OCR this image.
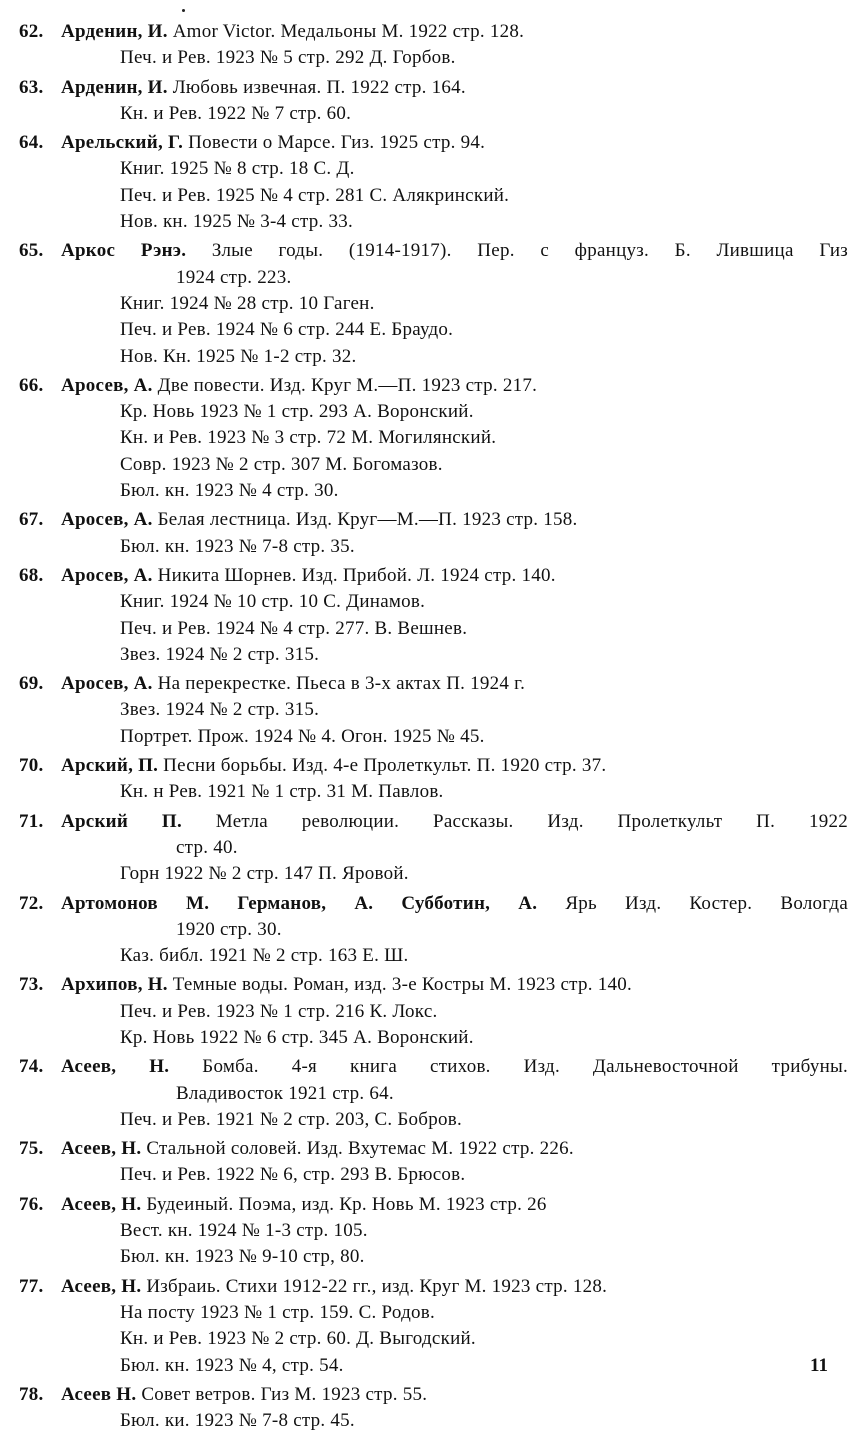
62. Арденин, И. Amor Victor. Медальоны М. 1922 стр. 128.
Печ. и Рев. 1923 № 5 стр. 292 Д. Горбов.
63. Арденин, И. Любовь извечная. П. 1922 стр. 164.
Кн. и Рев. 1922 № 7 стр. 60.
64. Арельский, Г. Повести о Марсе. Гиз. 1925 стр. 94.
Книг. 1925 № 8 стр. 18 С. Д.
Печ. и Рев. 1925 № 4 стр. 281 С. Алякринский.
Нов. кн. 1925 № 3-4 стр. 33.
65. Аркос Рэнэ. Злые годы. (1914-1917). Пер. с француз. Б. Лившица Гиз
1924 стр. 223.
Книг. 1924 № 28 стр. 10 Гаген.
Печ. и Рев. 1924 № 6 стр. 244 Е. Браудо.
Нов. Кн. 1925 № 1-2 стр. 32.
66. Аросев, А. Две повести. Изд. Круг М.—П. 1923 стр. 217.
Кр. Новь 1923 № 1 стр. 293 А. Воронский.
Кн. и Рев. 1923 № 3 стр. 72 М. Могилянский.
Совр. 1923 № 2 стр. 307 М. Богомазов.
Бюл. кн. 1923 № 4 стр. 30.
67. Аросев, А. Белая лестница. Изд. Круг—М.—П. 1923 стр. 158.
Бюл. кн. 1923 № 7-8 стр. 35.
68. Аросев, А. Никита Шорнев. Изд. Прибой. Л. 1924 стр. 140.
Книг. 1924 № 10 стр. 10 С. Динамов.
Печ. и Рев. 1924 № 4 стр. 277. В. Вешнев.
Звез. 1924 № 2 стр. 315.
69. Аросев, А. На перекрестке. Пьеса в 3-х актах П. 1924 г.
Звез. 1924 № 2 стр. 315.
Портрет. Прож. 1924 № 4. Огон. 1925 № 45.
70. Арский, П. Песни борьбы. Изд. 4-е Пролеткульт. П. 1920 стр. 37.
Кн. н Рев. 1921 № 1 стр. 31 М. Павлов.
71. Арский П. Метла революции. Рассказы. Изд. Пролеткульт П. 1922
стр. 40.
Горн 1922 № 2 стр. 147 П. Яровой.
72. Артомонов М. Германов, А. Субботин, А. Ярь Изд. Костер. Вологда
1920 стр. 30.
Каз. библ. 1921 № 2 стр. 163 Е. Ш.
73. Архипов, Н. Темные воды. Роман, изд. 3-е Костры М. 1923 стр. 140.
Печ. и Рев. 1923 № 1 стр. 216 К. Локс.
Кр. Новь 1922 № 6 стр. 345 А. Воронский.
74. Асеев, Н. Бомба. 4-я книга стихов. Изд. Дальневосточной трибуны.
Владивосток 1921 стр. 64.
Печ. и Рев. 1921 № 2 стр. 203, С. Бобров.
75. Асеев, Н. Стальной соловей. Изд. Вхутемас М. 1922 стр. 226.
Печ. и Рев. 1922 № 6, стр. 293 В. Брюсов.
76. Асеев, Н. Будеиный. Поэма, изд. Кр. Новь М. 1923 стр. 26
Вест. кн. 1924 № 1-3 стр. 105.
Бюл. кн. 1923 № 9-10 стр, 80.
77. Асеев, Н. Избраиь. Стихи 1912-22 гг., изд. Круг М. 1923 стр. 128.
На посту 1923 № 1 стр. 159. С. Родов.
Кн. и Рев. 1923 № 2 стр. 60. Д. Выгодский.
Бюл. кн. 1923 № 4, стр. 54.
78. Асеев Н. Совет ветров. Гиз М. 1923 стр. 55.
Бюл. ки. 1923 № 7-8 стр. 45.
11
